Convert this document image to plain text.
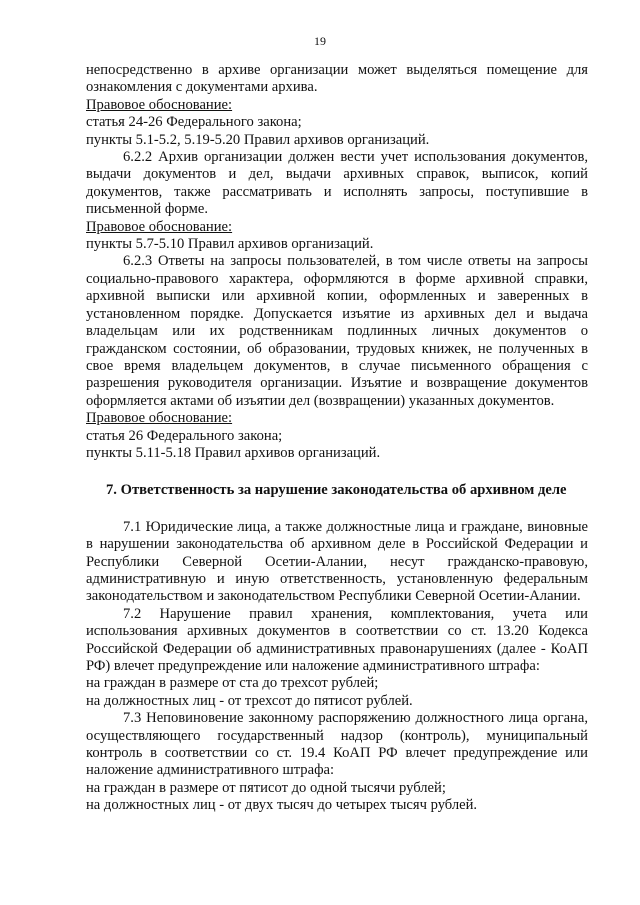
19

непосредственно в архиве организации может выделяться помещение для ознакомления с документами архива.

Правовое обоснование:

статья 24-26 Федерального закона;

пункты 5.1-5.2, 5.19-5.20 Правил архивов организаций.

6.2.2 Архив организации должен вести учет использования документов, выдачи документов и дел, выдачи архивных справок, выписок, копий документов, также рассматривать и исполнять запросы, поступившие в письменной форме.

Правовое обоснование:

пункты 5.7-5.10 Правил архивов организаций.

6.2.3 Ответы на запросы пользователей, в том числе ответы на запросы социально-правового характера, оформляются в форме архивной справки, архивной выписки или архивной копии, оформленных и заверенных в установленном порядке. Допускается изъятие из архивных дел и выдача владельцам или их родственникам подлинных личных документов о гражданском состоянии, об образовании, трудовых книжек, не полученных в свое время владельцем документов, в случае письменного обращения с разрешения руководителя организации. Изъятие и возвращение документов оформляется актами об изъятии дел (возвращении) указанных документов.

Правовое обоснование:

статья 26 Федерального закона;

пункты 5.11-5.18 Правил архивов организаций.

7. Ответственность за нарушение законодательства об архивном деле

7.1 Юридические лица, а также должностные лица и граждане, виновные в нарушении законодательства об архивном деле в Российской Федерации и Республики Северной Осетии-Алании, несут гражданско-правовую, административную и иную ответственность, установленную федеральным законодательством и законодательством Республики Северной Осетии-Алании.

7.2 Нарушение правил хранения, комплектования, учета или использования архивных документов в соответствии со ст. 13.20 Кодекса Российской Федерации об административных правонарушениях (далее - КоАП РФ) влечет предупреждение или наложение административного штрафа:

на граждан в размере от ста до трехсот рублей;

на должностных лиц - от трехсот до пятисот рублей.

7.3 Неповиновение законному распоряжению должностного лица органа, осуществляющего государственный надзор (контроль), муниципальный контроль в соответствии со ст. 19.4 КоАП РФ влечет предупреждение или наложение административного штрафа:

на граждан в размере от пятисот до одной тысячи рублей;

на должностных лиц - от двух тысяч до четырех тысяч рублей.
